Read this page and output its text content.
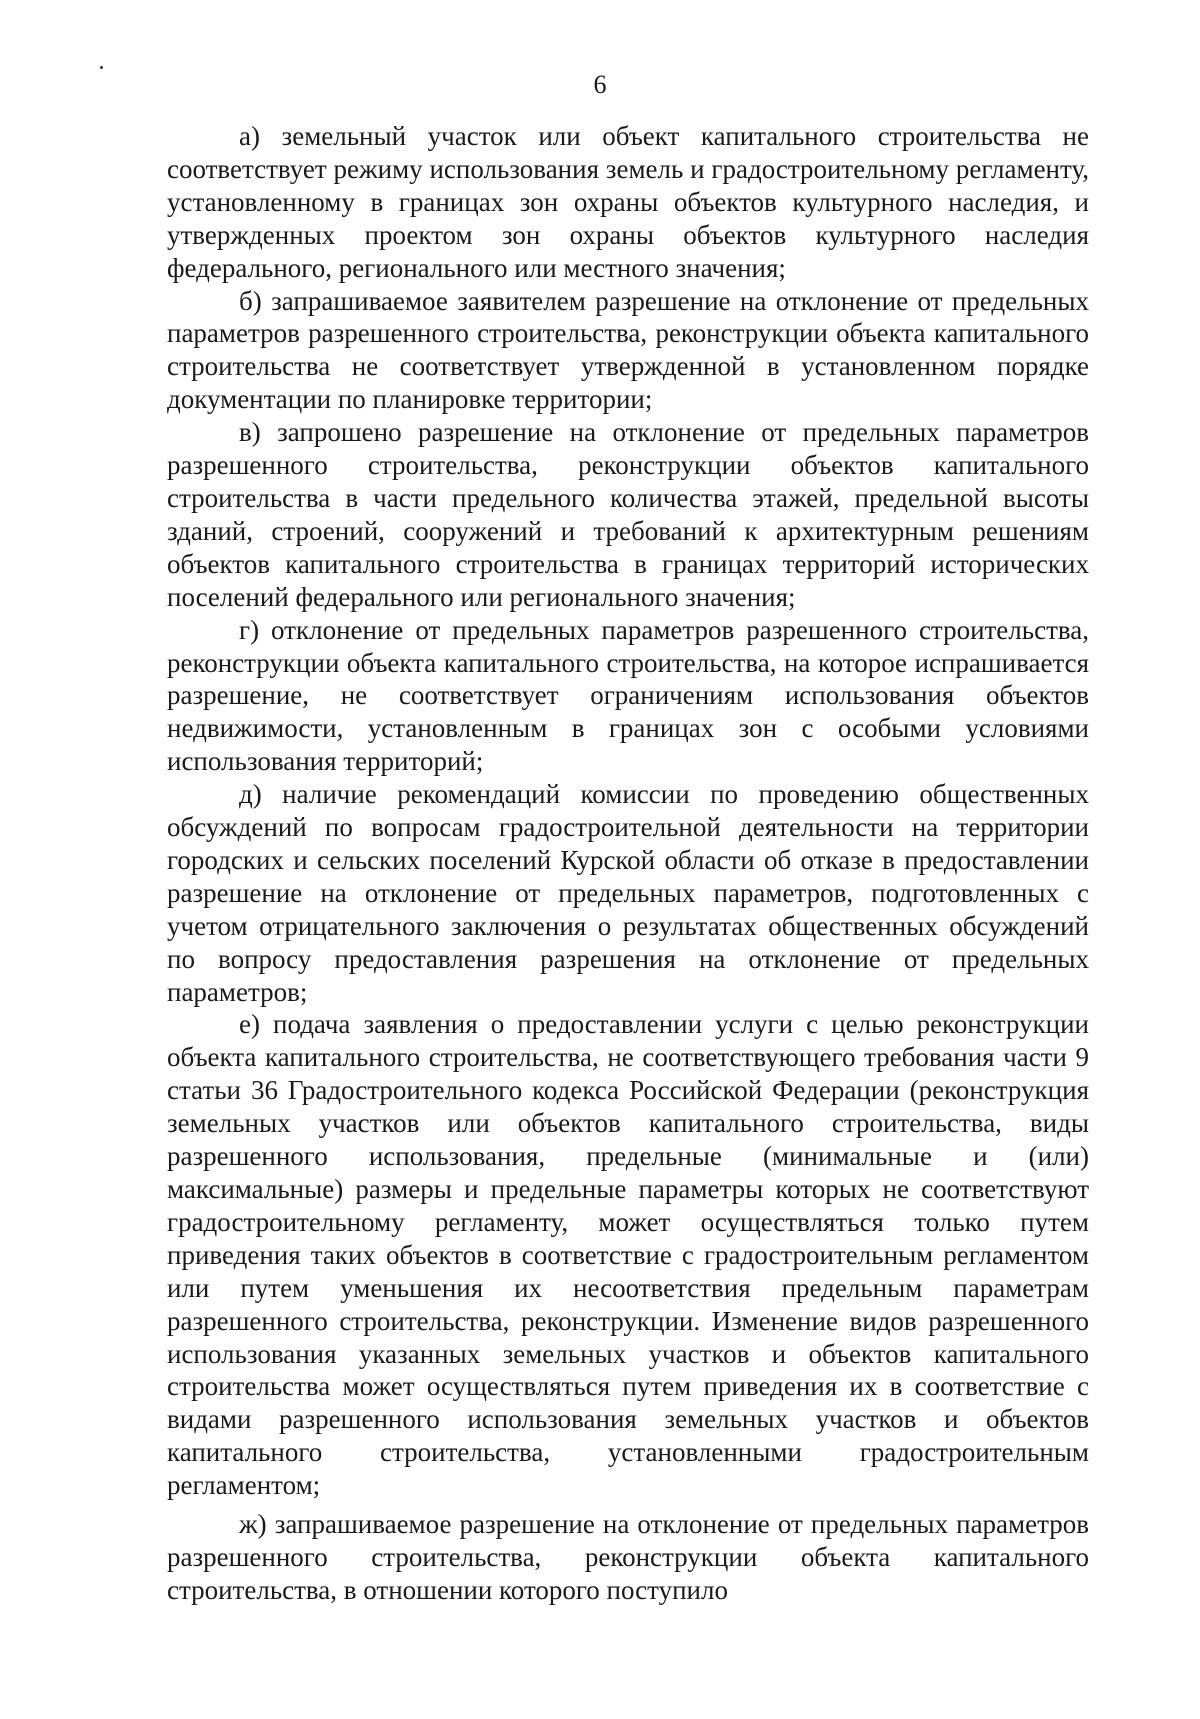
6

а) земельный участок или объект капитального строительства не соответствует режиму использования земель и градостроительному регламенту, установленному в границах зон охраны объектов культурного наследия, и утвержденных проектом зон охраны объектов культурного наследия федерального, регионального или местного значения;

б) запрашиваемое заявителем разрешение на отклонение от предельных параметров разрешенного строительства, реконструкции объекта капитального строительства не соответствует утвержденной в установленном порядке документации по планировке территории;

в) запрошено разрешение на отклонение от предельных параметров разрешенного строительства, реконструкции объектов капитального строительства в части предельного количества этажей, предельной высоты зданий, строений, сооружений и требований к архитектурным решениям объектов капитального строительства в границах территорий исторических поселений федерального или регионального значения;

г) отклонение от предельных параметров разрешенного строительства, реконструкции объекта капитального строительства, на которое испрашивается разрешение, не соответствует ограничениям использования объектов недвижимости, установленным в границах зон с особыми условиями использования территорий;

д) наличие рекомендаций комиссии по проведению общественных обсуждений по вопросам градостроительной деятельности на территории городских и сельских поселений Курской области об отказе в предоставлении разрешение на отклонение от предельных параметров, подготовленных с учетом отрицательного заключения о результатах общественных обсуждений по вопросу предоставления разрешения на отклонение от предельных параметров;

е) подача заявления о предоставлении услуги с целью реконструкции объекта капитального строительства, не соответствующего требования части 9 статьи 36 Градостроительного кодекса Российской Федерации (реконструкция земельных участков или объектов капитального строительства, виды разрешенного использования, предельные (минимальные и (или) максимальные) размеры и предельные параметры которых не соответствуют градостроительному регламенту, может осуществляться только путем приведения таких объектов в соответствие с градостроительным регламентом или путем уменьшения их несоответствия предельным параметрам разрешенного строительства, реконструкции. Изменение видов разрешенного использования указанных земельных участков и объектов капитального строительства может осуществляться путем приведения их в соответствие с видами разрешенного использования земельных участков и объектов капитального строительства, установленными градостроительным регламентом;

ж) запрашиваемое разрешение на отклонение от предельных параметров разрешенного строительства, реконструкции объекта капитального строительства, в отношении которого поступило
